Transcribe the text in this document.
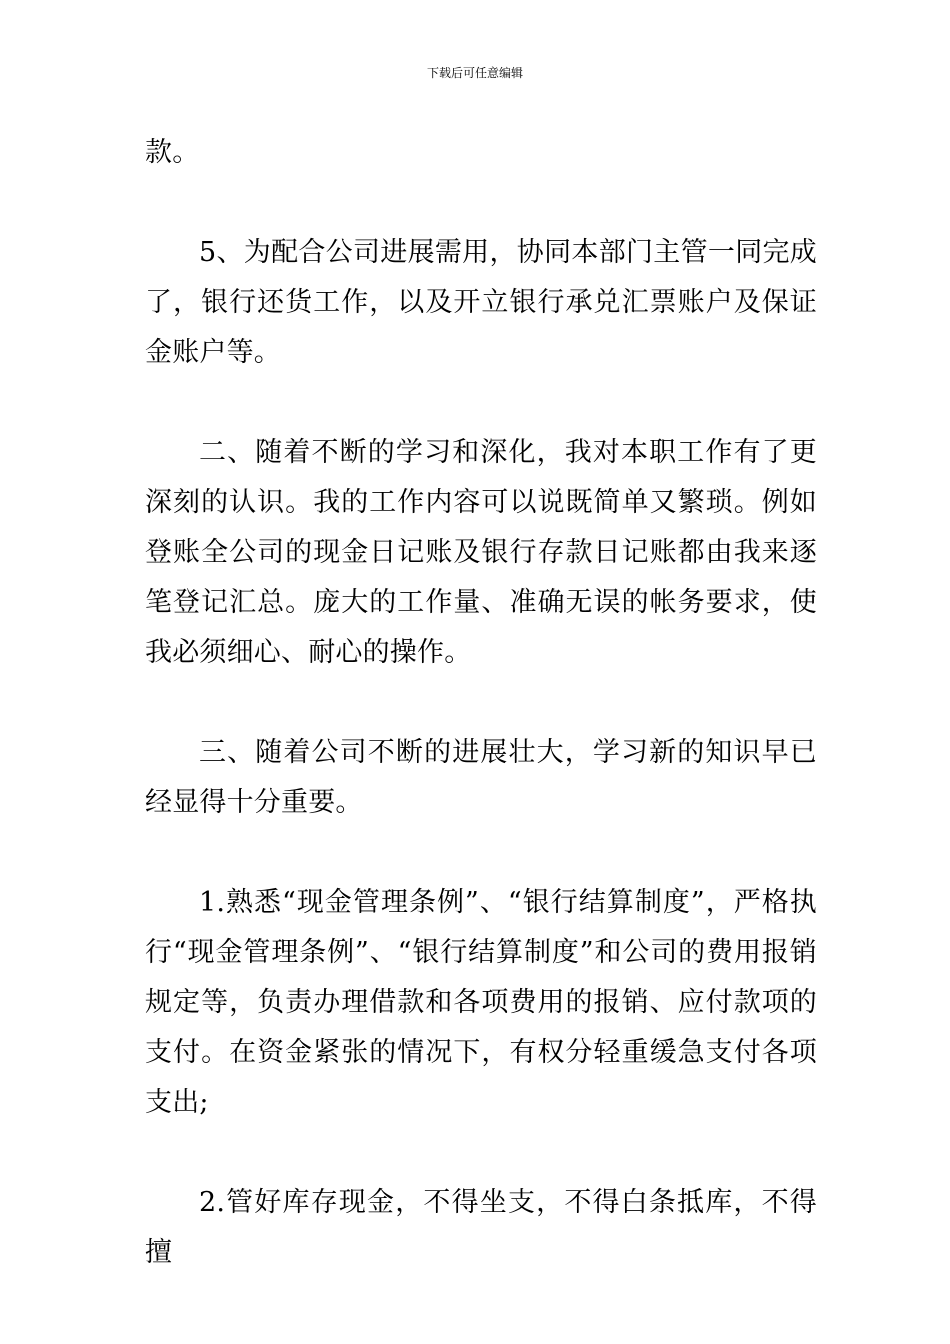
下载后可任意编辑

款。

5、为配合公司进展需用，协同本部门主管一同完成了，银行还货工作，以及开立银行承兑汇票账户及保证金账户等。

二、随着不断的学习和深化，我对本职工作有了更深刻的认识。我的工作内容可以说既简单又繁琐。例如登账全公司的现金日记账及银行存款日记账都由我来逐笔登记汇总。庞大的工作量、准确无误的帐务要求，使我必须细心、耐心的操作。

三、随着公司不断的进展壮大，学习新的知识早已经显得十分重要。

1.熟悉“现金管理条例”、“银行结算制度”，严格执行“现金管理条例”、“银行结算制度”和公司的费用报销规定等，负责办理借款和各项费用的报销、应付款项的支付。在资金紧张的情况下，有权分轻重缓急支付各项支出;

2.管好库存现金，不得坐支，不得白条抵库，不得擅
